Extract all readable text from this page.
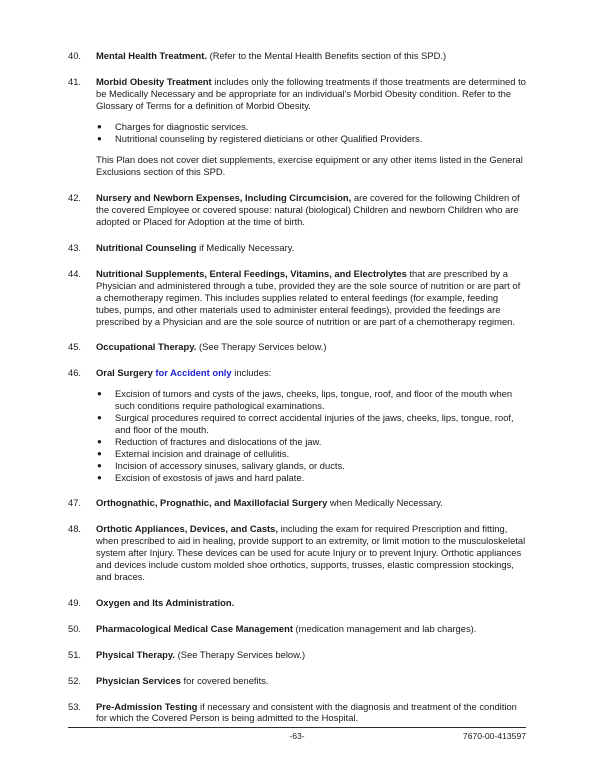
40.	Mental Health Treatment. (Refer to the Mental Health Benefits section of this SPD.)
41.	Morbid Obesity Treatment includes only the following treatments if those treatments are determined to be Medically Necessary and be appropriate for an individual's Morbid Obesity condition. Refer to the Glossary of Terms for a definition of Morbid Obesity.
● Charges for diagnostic services.
● Nutritional counseling by registered dieticians or other Qualified Providers.
This Plan does not cover diet supplements, exercise equipment or any other items listed in the General Exclusions section of this SPD.
42.	Nursery and Newborn Expenses, Including Circumcision, are covered for the following Children of the covered Employee or covered spouse: natural (biological) Children and newborn Children who are adopted or Placed for Adoption at the time of birth.
43.	Nutritional Counseling if Medically Necessary.
44.	Nutritional Supplements, Enteral Feedings, Vitamins, and Electrolytes that are prescribed by a Physician and administered through a tube, provided they are the sole source of nutrition or are part of a chemotherapy regimen. This includes supplies related to enteral feedings (for example, feeding tubes, pumps, and other materials used to administer enteral feedings), provided the feedings are prescribed by a Physician and are the sole source of nutrition or are part of a chemotherapy regimen.
45.	Occupational Therapy. (See Therapy Services below.)
46.	Oral Surgery for Accident only includes:
● Excision of tumors and cysts of the jaws, cheeks, lips, tongue, roof, and floor of the mouth when such conditions require pathological examinations.
● Surgical procedures required to correct accidental injuries of the jaws, cheeks, lips, tongue, roof, and floor of the mouth.
● Reduction of fractures and dislocations of the jaw.
● External incision and drainage of cellulitis.
● Incision of accessory sinuses, salivary glands, or ducts.
● Excision of exostosis of jaws and hard palate.
47.	Orthognathic, Prognathic, and Maxillofacial Surgery when Medically Necessary.
48.	Orthotic Appliances, Devices, and Casts, including the exam for required Prescription and fitting, when prescribed to aid in healing, provide support to an extremity, or limit motion to the musculoskeletal system after Injury. These devices can be used for acute Injury or to prevent Injury. Orthotic appliances and devices include custom molded shoe orthotics, supports, trusses, elastic compression stockings, and braces.
49.	Oxygen and Its Administration.
50.	Pharmacological Medical Case Management (medication management and lab charges).
51.	Physical Therapy. (See Therapy Services below.)
52.	Physician Services for covered benefits.
53.	Pre-Admission Testing if necessary and consistent with the diagnosis and treatment of the condition for which the Covered Person is being admitted to the Hospital.
-63-	7670-00-413597
